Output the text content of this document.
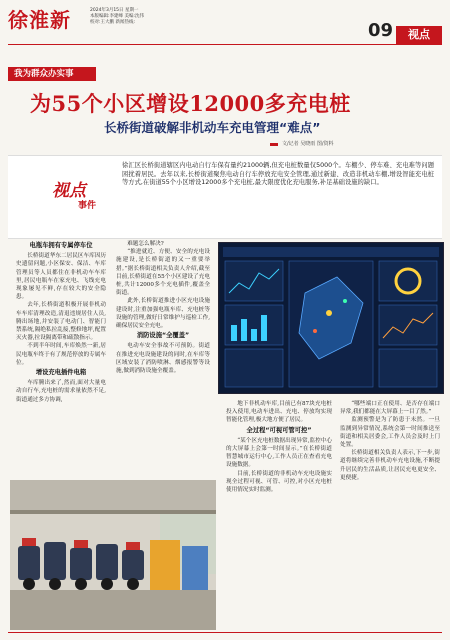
徐淮新	2024年3月15日 星期一
本版编辑:李建峰 美编:沈伟
校对:王大鹏 新闻热线:	09	视点
我为群众办实事
为55个小区增设12000多充电桩
长桥街道破解非机动车充电管理“难点”
文/记者 吴晓雨 图/资料
视点
事件
徐汇区长桥街道辖区内电动自行车保有量约21000辆,但充电桩数量仅5000个。车棚少、停车难、充电难等问题困扰着居民。去年以来,长桥街道聚焦电动自行车停放充电安全管理,通过新建、改造非机动车棚,增设智能充电桩等方式,在街道55个小区增设12000多个充电桩,最大限度优化充电服务,补足基础设施的缺口。
电瓶车拥有专属停车位

长桥街道华东二居民区车库因历史遗留问题,小区保安、保洁、车库管理员等人员都住在非机动车车库里,居民电瓶车在家充电、飞线充电现象屡见不鲜,存在较大的安全隐患。

去年,长桥街道积极开展非机动车车库清理改造,清退违规居住人员,腾出场地,并安装了电动门、智能门禁系统,隔绝私拉乱接,整修地坪,配置灭火器,拉设隔离带和疏散指示。

不到半年时间,车库焕然一新,居民电瓶车终于有了规范停放的专属车位。

增设充电插件电箱

车库腾出来了,然而,面对大量电动自行车,充电桩的需求量依然不足,街道通过多方协调,

难题怎么解决?

“推进就近、方便、安全的充电设施建设,是长桥街道的又一重要举措。”据长桥街道相关负责人介绍,截至目前,长桥街道在55个小区建设了充电桩,共计12000多个充电插件,覆盖全街道。

此外,长桥街道推进小区充电设施建设时,注重加强电瓶车库、充电桩等设施的管理,做好日常维护与巡检工作,确保居民安全充电。

消防设施“全覆盖”

电动车安全事故不可预防。街道在推进充电设施建设的同时,在车库等区域安装了消防喷淋、烟感报警等设施,做到消防设施全覆盖。

地下非机动车库,目前已有87块充电桩投入使用,电动车进出、充电、停放均实现智能化管理,极大地方便了居民。

全过程“可视可管可控”

“某个区充电桩数据出现异常,监控中心的大屏幕上会第一时间显示。”在长桥街道智慧城市运行中心,工作人员正在查看充电设施数据。

目前,长桥街道的非机动车充电设施实现全过程可视、可管、可控,对小区充电桩使用情况实时监测。

“哪些端口正在使用、是否存在端口异常,我们都能在大屏幕上一目了然。”

监测预警是为了防患于未然。一旦监测到异常情况,系统会第一时间推送至街道和相关居委会,工作人员会及时上门处置。

长桥街道相关负责人表示,下一步,街道将继续完善非机动车充电设施,不断提升居民的生活品质,让居民充电更安全、更便捷。
